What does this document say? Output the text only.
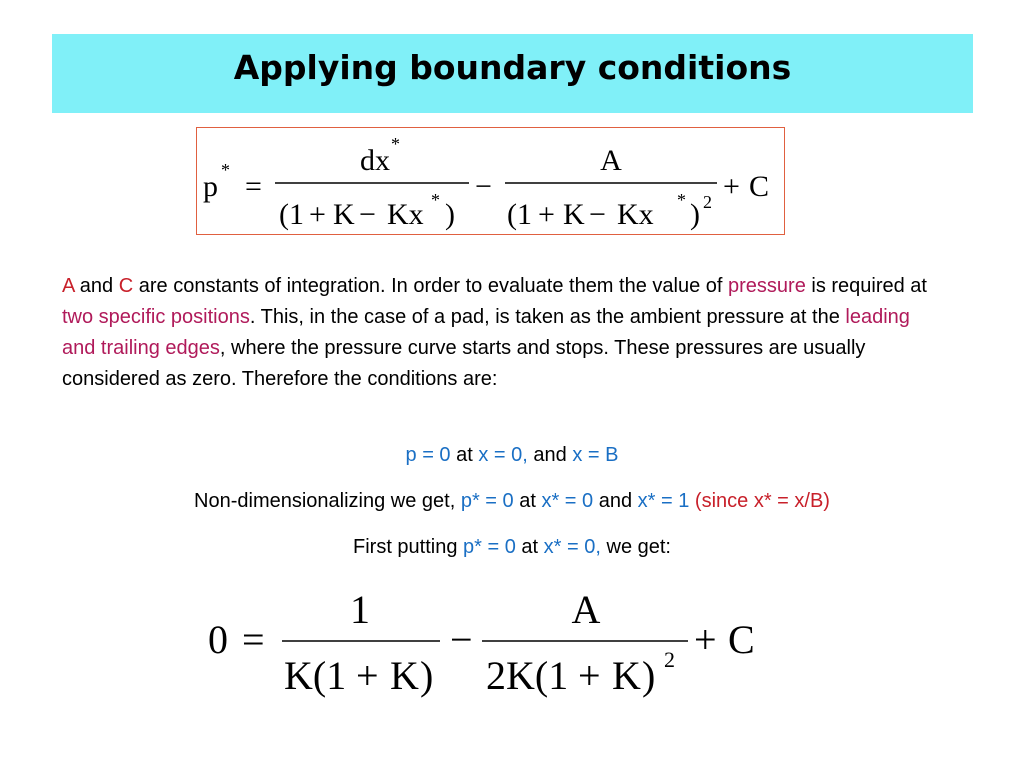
Applying boundary conditions
p * =
dx *
(1 + K − Kx * )
−
A
(1 + K − Kx * ) 2 + C
A and C are constants of integration. In order to evaluate them the value of pressure is required at two specific positions. This, in the case of a pad, is taken as the ambient pressure at the leading and trailing edges, where the pressure curve starts and stops. These pressures are usually considered as zero. Therefore the conditions are:
p = 0 at x = 0, and x = B
Non-dimensionalizing we get, p* = 0 at x* = 0 and x* = 1 (since x* = x/B)
First putting p* = 0 at x* = 0, we get:
0 =
1
K(1 + K )
−
A
2K(1 + K ) 2 + C
